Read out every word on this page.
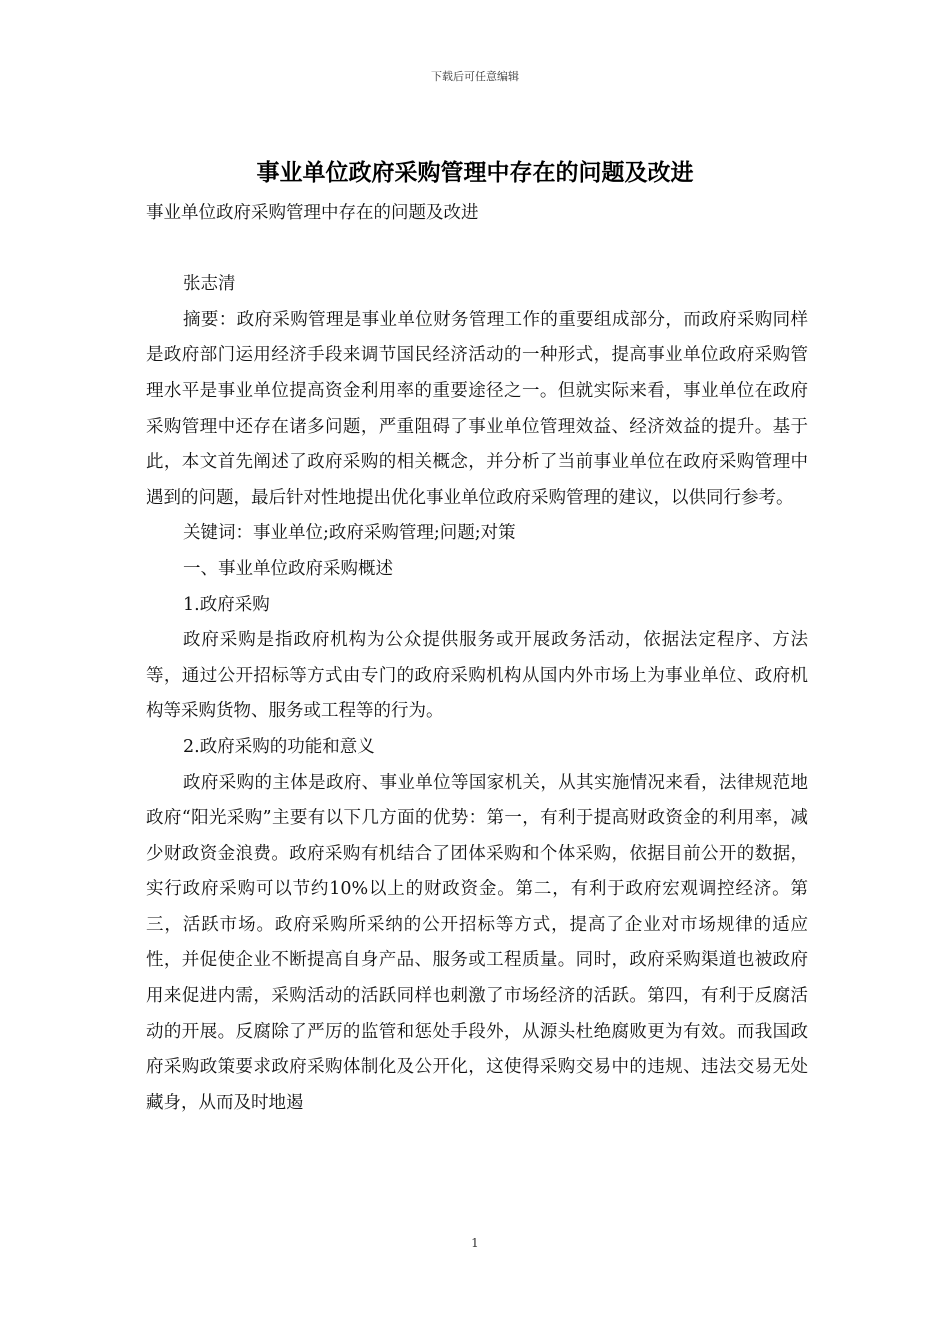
下载后可任意编辑
事业单位政府采购管理中存在的问题及改进

事业单位政府采购管理中存在的问题及改进

张志清

摘要：政府采购管理是事业单位财务管理工作的重要组成部分，而政府采购同样是政府部门运用经济手段来调节国民经济活动的一种形式，提高事业单位政府采购管理水平是事业单位提高资金利用率的重要途径之一。但就实际来看，事业单位在政府采购管理中还存在诸多问题，严重阻碍了事业单位管理效益、经济效益的提升。基于此，本文首先阐述了政府采购的相关概念，并分析了当前事业单位在政府采购管理中遇到的问题，最后针对性地提出优化事业单位政府采购管理的建议，以供同行参考。

关键词：事业单位;政府采购管理;问题;对策

一、事业单位政府采购概述

1.政府采购

政府采购是指政府机构为公众提供服务或开展政务活动，依据法定程序、方法等，通过公开招标等方式由专门的政府采购机构从国内外市场上为事业单位、政府机构等采购货物、服务或工程等的行为。

2.政府采购的功能和意义

政府采购的主体是政府、事业单位等国家机关，从其实施情况来看，法律规范地政府“阳光采购”主要有以下几方面的优势：第一，有利于提高财政资金的利用率，减少财政资金浪费。政府采购有机结合了团体采购和个体采购，依据目前公开的数据，实行政府采购可以节约10%以上的财政资金。第二，有利于政府宏观调控经济。第三，活跃市场。政府采购所采纳的公开招标等方式，提高了企业对市场规律的适应性，并促使企业不断提高自身产品、服务或工程质量。同时，政府采购渠道也被政府用来促进内需，采购活动的活跃同样也刺激了市场经济的活跃。第四，有利于反腐活动的开展。反腐除了严厉的监管和惩处手段外，从源头杜绝腐败更为有效。而我国政府采购政策要求政府采购体制化及公开化，这使得采购交易中的违规、违法交易无处藏身，从而及时地遏

1
